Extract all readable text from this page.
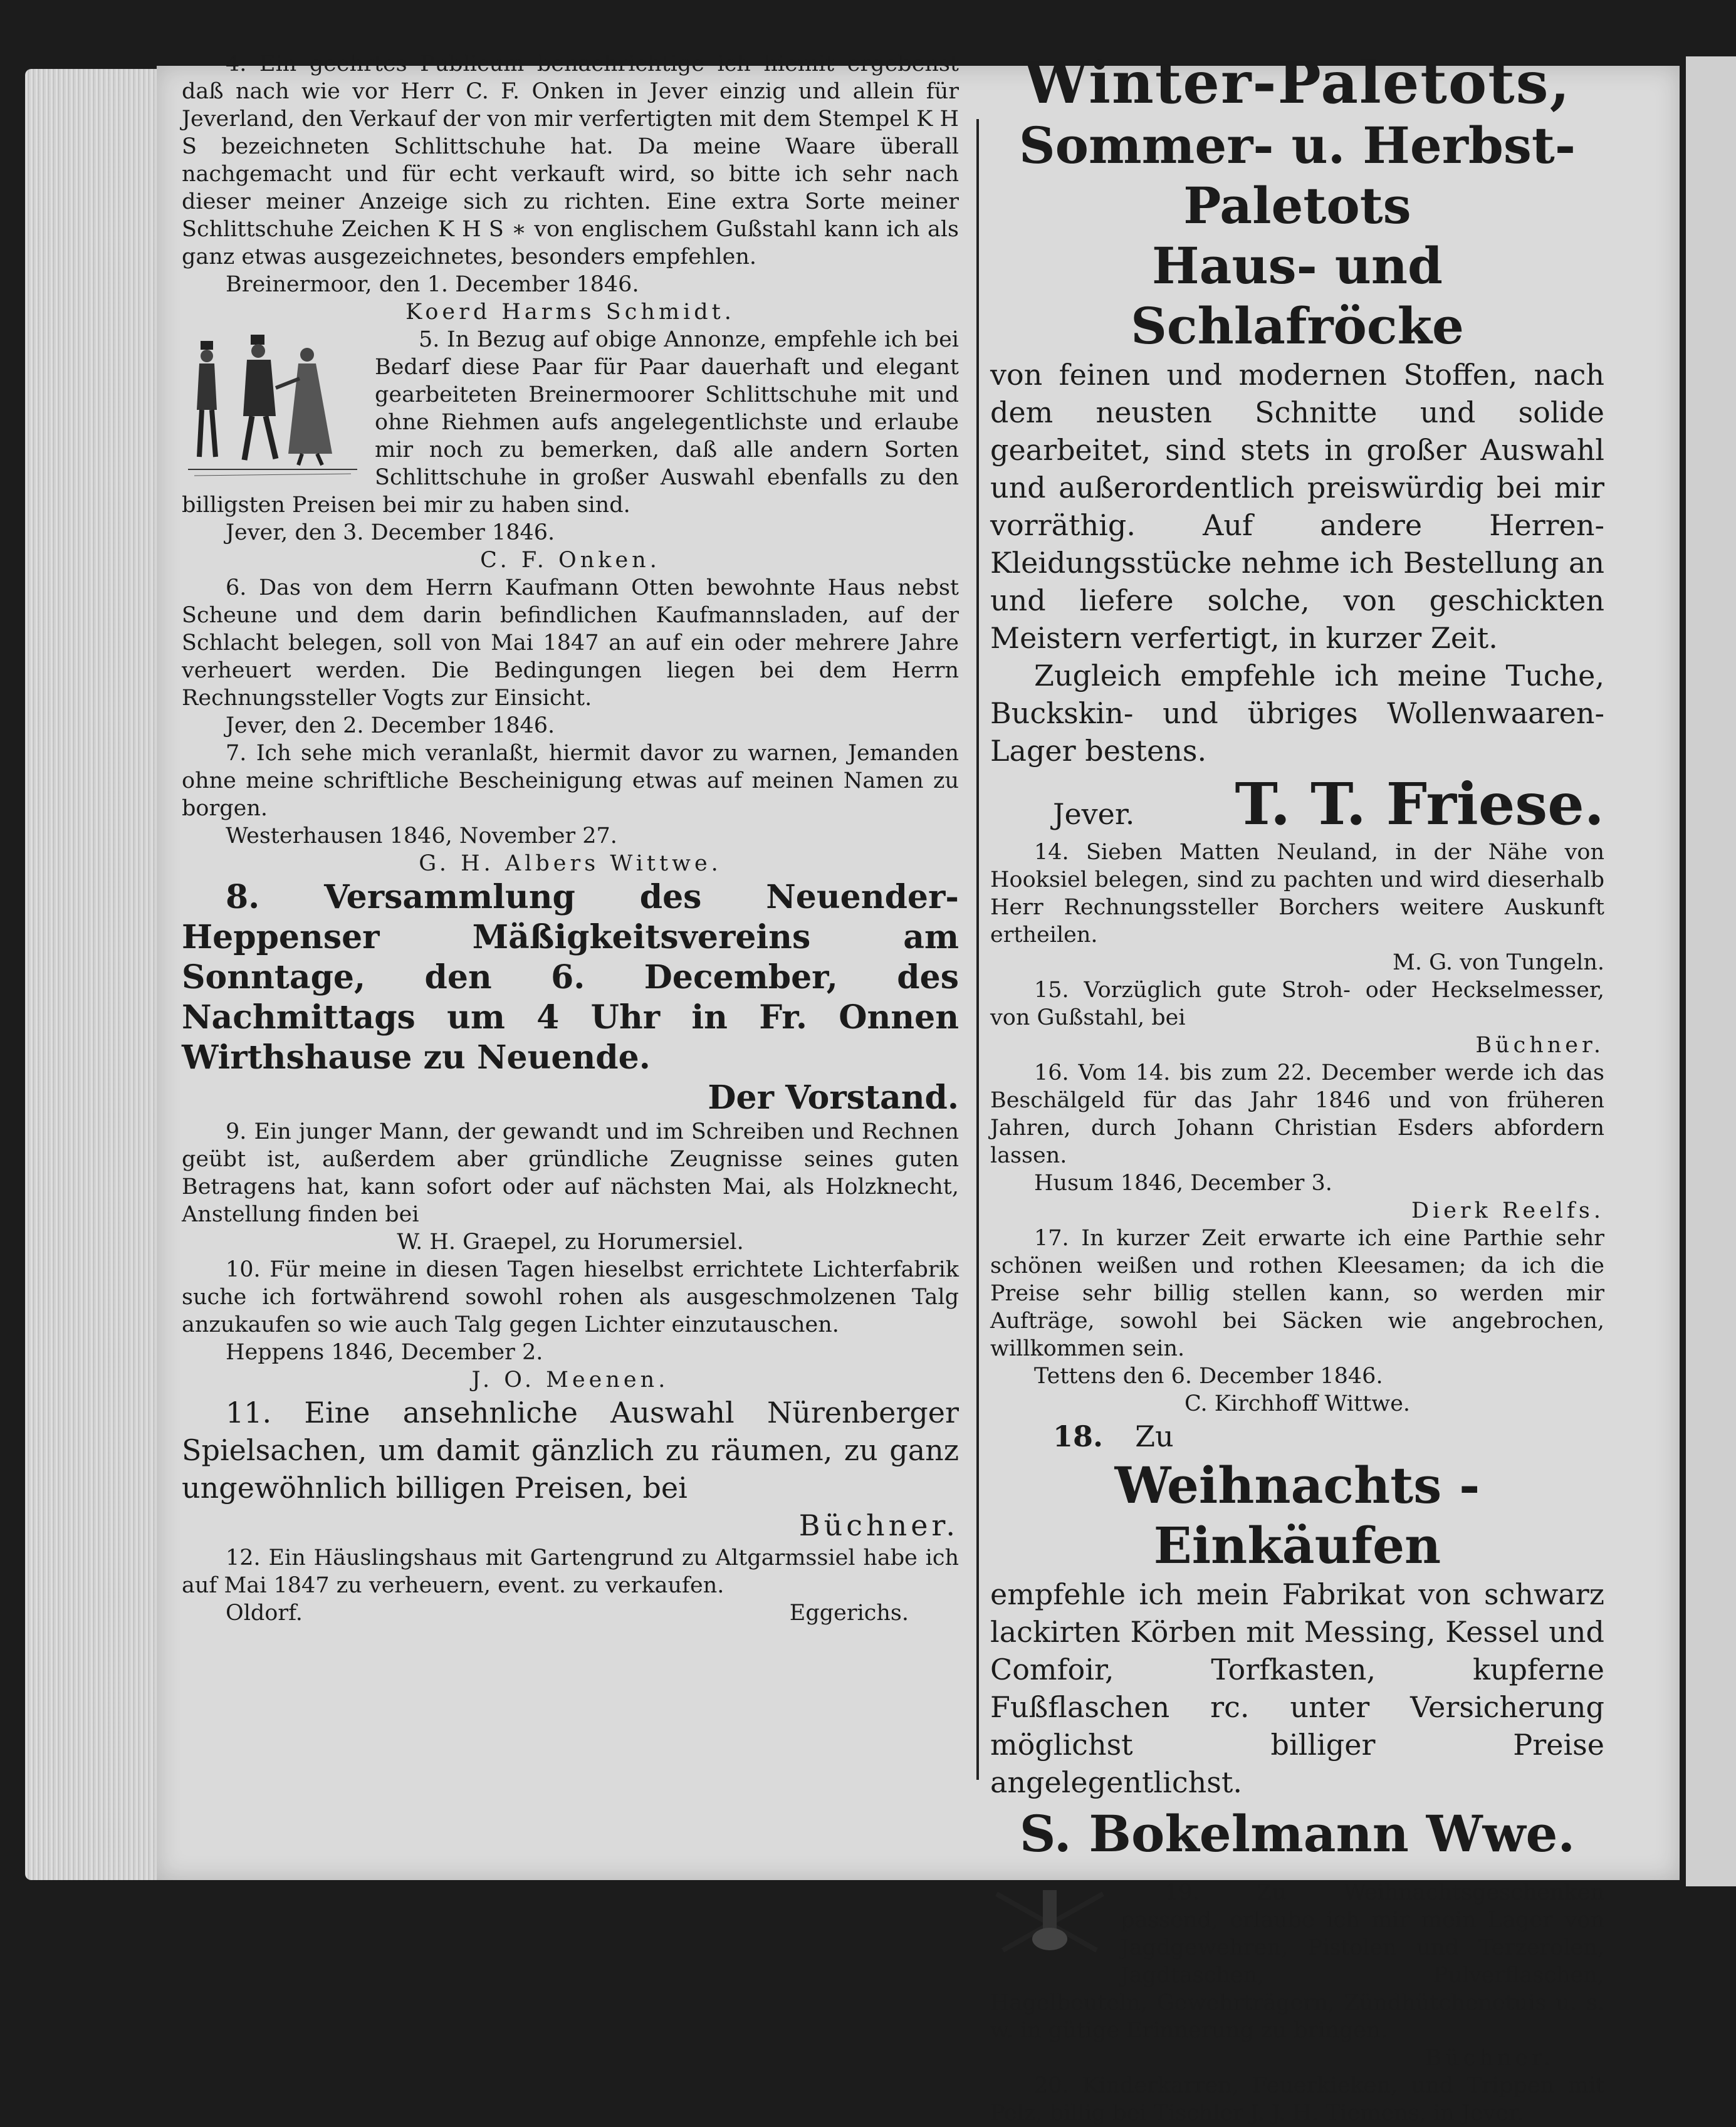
4. Ein geehrtes Publicum benachrichtige ich hiemit ergebenst daß nach wie vor Herr C. F. Onken in Jever einzig und allein für Jeverland, den Verkauf der von mir verfertigten mit dem Stempel K H S bezeichneten Schlittschuhe hat. Da meine Waare überall nachgemacht und für echt verkauft wird, so bitte ich sehr nach dieser meiner Anzeige sich zu richten. Eine extra Sorte meiner Schlittschuhe Zeichen K H S ∗ von englischem Gußstahl kann ich als ganz etwas ausgezeichnetes, besonders empfehlen.

Breinermoor, den 1. December 1846.

Koerd Harms Schmidt.

5. In Bezug auf obige Annonze, empfehle ich bei Bedarf diese Paar für Paar dauerhaft und elegant gearbeiteten Breinermoorer Schlittschuhe mit und ohne Riehmen aufs angelegentlichste und erlaube mir noch zu bemerken, daß alle andern Sorten Schlittschuhe in großer Auswahl ebenfalls zu den billigsten Preisen bei mir zu haben sind.

Jever, den 3. December 1846.

C. F. Onken.

6. Das von dem Herrn Kaufmann Otten bewohnte Haus nebst Scheune und dem darin befindlichen Kaufmannsladen, auf der Schlacht belegen, soll von Mai 1847 an auf ein oder mehrere Jahre verheuert werden. Die Bedingungen liegen bei dem Herrn Rechnungssteller Vogts zur Einsicht.

Jever, den 2. December 1846.

7. Ich sehe mich veranlaßt, hiermit davor zu warnen, Jemanden ohne meine schriftliche Bescheinigung etwas auf meinen Namen zu borgen.

Westerhausen 1846, November 27.

G. H. Albers Wittwe.

8. Versammlung des Neuender-Heppenser Mäßigkeitsvereins am Sonntage, den 6. December, des Nachmittags um 4 Uhr in Fr. Onnen Wirthshause zu Neuende.

Der Vorstand.

9. Ein junger Mann, der gewandt und im Schreiben und Rechnen geübt ist, außerdem aber gründliche Zeugnisse seines guten Betragens hat, kann sofort oder auf nächsten Mai, als Holzknecht, Anstellung finden bei

W. H. Graepel, zu Horumersiel.

10. Für meine in diesen Tagen hieselbst errichtete Lichterfabrik suche ich fortwährend sowohl rohen als ausgeschmolzenen Talg anzukaufen so wie auch Talg gegen Lichter einzutauschen.

Heppens 1846, December 2.

J. O. Meenen.

11. Eine ansehnliche Auswahl Nürenberger Spielsachen, um damit gänzlich zu räumen, zu ganz ungewöhnlich billigen Preisen, bei

Büchner.

12. Ein Häuslingshaus mit Gartengrund zu Altgarmssiel habe ich auf Mai 1847 zu verheuern, event. zu verkaufen.

Oldorf.	Eggerichs.

Winter-Paletots,

Sommer- u. Herbst-Paletots

Haus- und Schlafröcke

von feinen und modernen Stoffen, nach dem neusten Schnitte und solide gearbeitet, sind stets in großer Auswahl und außerordentlich preiswürdig bei mir vorräthig. Auf andere Herren-Kleidungsstücke nehme ich Bestellung an und liefere solche, von geschickten Meistern verfertigt, in kurzer Zeit.

Zugleich empfehle ich meine Tuche, Buckskin- und übriges Wollenwaaren-Lager bestens.

Jever. T. T. Friese.

14. Sieben Matten Neuland, in der Nähe von Hooksiel belegen, sind zu pachten und wird dieserhalb Herr Rechnungssteller Borchers weitere Auskunft ertheilen.

M. G. von Tungeln.

15. Vorzüglich gute Stroh- oder Heckselmesser, von Gußstahl, bei

Büchner.

16. Vom 14. bis zum 22. December werde ich das Beschälgeld für das Jahr 1846 und von früheren Jahren, durch Johann Christian Esders abfordern lassen.

Husum 1846, December 3.

Dierk Reelfs.

17. In kurzer Zeit erwarte ich eine Parthie sehr schönen weißen und rothen Kleesamen; da ich die Preise sehr billig stellen kann, so werden mir Aufträge, sowohl bei Säcken wie angebrochen, willkommen sein.

Tettens den 6. December 1846.

C. Kirchhoff Wittwe.

18. Zu

Weihnachts - Einkäufen

empfehle ich mein Fabrikat von schwarz lackirten Körben mit Messing, Kessel und Comfoir, Torfkasten, kupferne Fußflaschen rc. unter Versicherung möglichst billiger Preise angelegentlichst.

S. Bokelmann Wwe.

19. Zu Weihnachtsgeschenken passend, erlaube ich mir mein Lager von Jagdgewehren, Pistolen und Terzerolen, Jagdtaschen, Pulverflaschen, Hagelbeuteln, Gewehrträgern, Zündhütchenetuis u. s. w. in gütige Erinnerung zu bringen.

Büchner.

20. Kinderkarren, Feuerkieken, und Trippen mit Pelz, billig bei Tischler J. J. H. Tiemens, in Jever.
